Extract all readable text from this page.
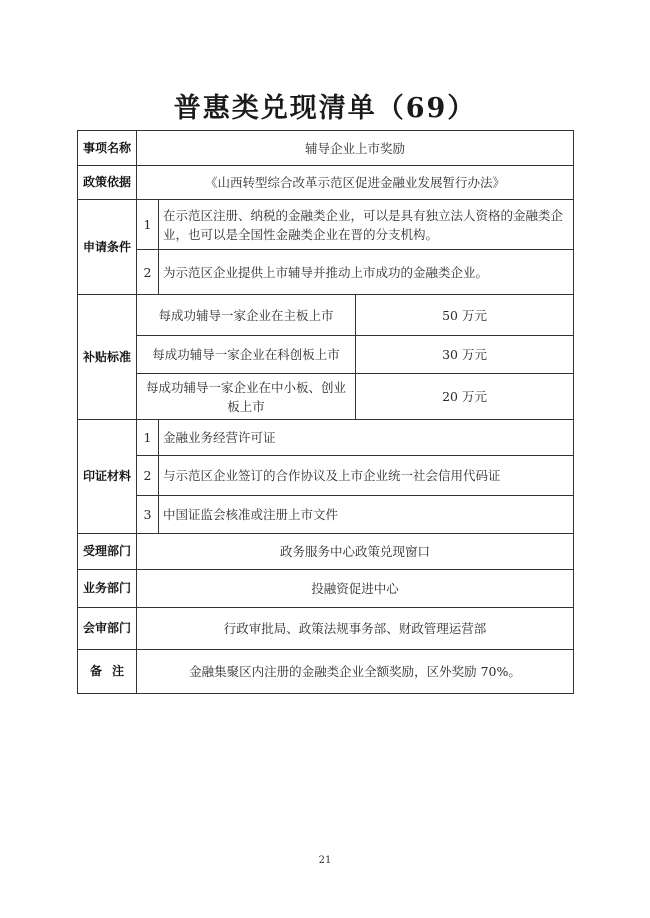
普惠类兑现清单（69）
事项名称	辅导企业上市奖励		
政策依据	《山西转型综合改革示范区促进金融业发展暂行办法》		
申请条件	1	在示范区注册、纳税的金融类企业，可以是具有独立法人资格的金融类企业，也可以是全国性金融类企业在晋的分支机构。	
	2	为示范区企业提供上市辅导并推动上市成功的金融类企业。	
补贴标准	每成功辅导一家企业在主板上市		50 万元
	每成功辅导一家企业在科创板上市		30 万元
	每成功辅导一家企业在中小板、创业板上市		20 万元
印证材料	1	金融业务经营许可证	
	2	与示范区企业签订的合作协议及上市企业统一社会信用代码证	
	3	中国证监会核准或注册上市文件	
受理部门	政务服务中心政策兑现窗口		
业务部门	投融资促进中心		
会审部门	行政审批局、政策法规事务部、财政管理运营部		

备 注	金融集聚区内注册的金融类企业全额奖励，区外奖励 70%。		
21
